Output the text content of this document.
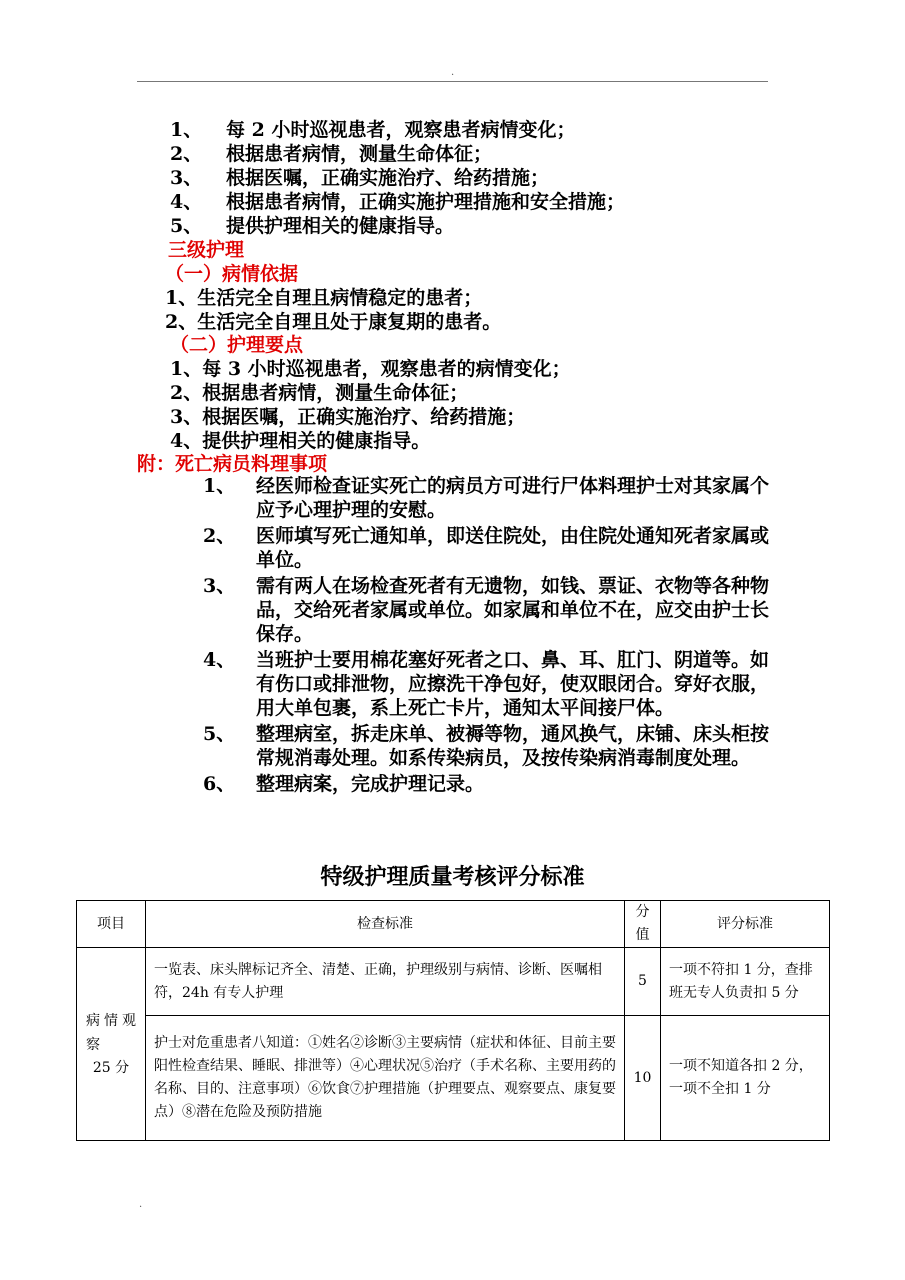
.
1、 每 2 小时巡视患者，观察患者病情变化；
2、 根据患者病情，测量生命体征；
3、 根据医嘱，正确实施治疗、给药措施；
4、 根据患者病情，正确实施护理措施和安全措施；
5、 提供护理相关的健康指导。
三级护理
（一）病情依据
1、生活完全自理且病情稳定的患者；
2、生活完全自理且处于康复期的患者。
（二）护理要点
1、每 3 小时巡视患者，观察患者的病情变化；
2、根据患者病情，测量生命体征；
3、根据医嘱，正确实施治疗、给药措施；
4、提供护理相关的健康指导。
附：死亡病员料理事项
1、	经医师检查证实死亡的病员方可进行尸体料理护士对其家属个应予心理护理的安慰。
2、	医师填写死亡通知单，即送住院处，由住院处通知死者家属或单位。
3、	需有两人在场检查死者有无遗物，如钱、票证、衣物等各种物品，交给死者家属或单位。如家属和单位不在，应交由护士长保存。
4、	当班护士要用棉花塞好死者之口、鼻、耳、肛门、阴道等。如有伤口或排泄物，应擦洗干净包好，使双眼闭合。穿好衣服，用大单包裹，系上死亡卡片，通知太平间接尸体。
5、	整理病室，拆走床单、被褥等物，通风换气，床铺、床头柜按常规消毒处理。如系传染病员，及按传染病消毒制度处理。
6、	整理病案，完成护理记录。
特级护理质量考核评分标准
项目	检查标准	分值	评分标准

病情观察
25 分	一览表、床头牌标记齐全、清楚、正确，护理级别与病情、诊断、医嘱相符，24h 有专人护理	5	一项不符扣 1 分，查排班无专人负责扣 5 分
	护士对危重患者八知道：①姓名②诊断③主要病情（症状和体征、目前主要阳性检查结果、睡眠、排泄等）④心理状况⑤治疗（手术名称、主要用药的名称、目的、注意事项）⑥饮食⑦护理措施（护理要点、观察要点、康复要点）⑧潜在危险及预防措施	10	一项不知道各扣 2 分，一项不全扣 1 分
.
